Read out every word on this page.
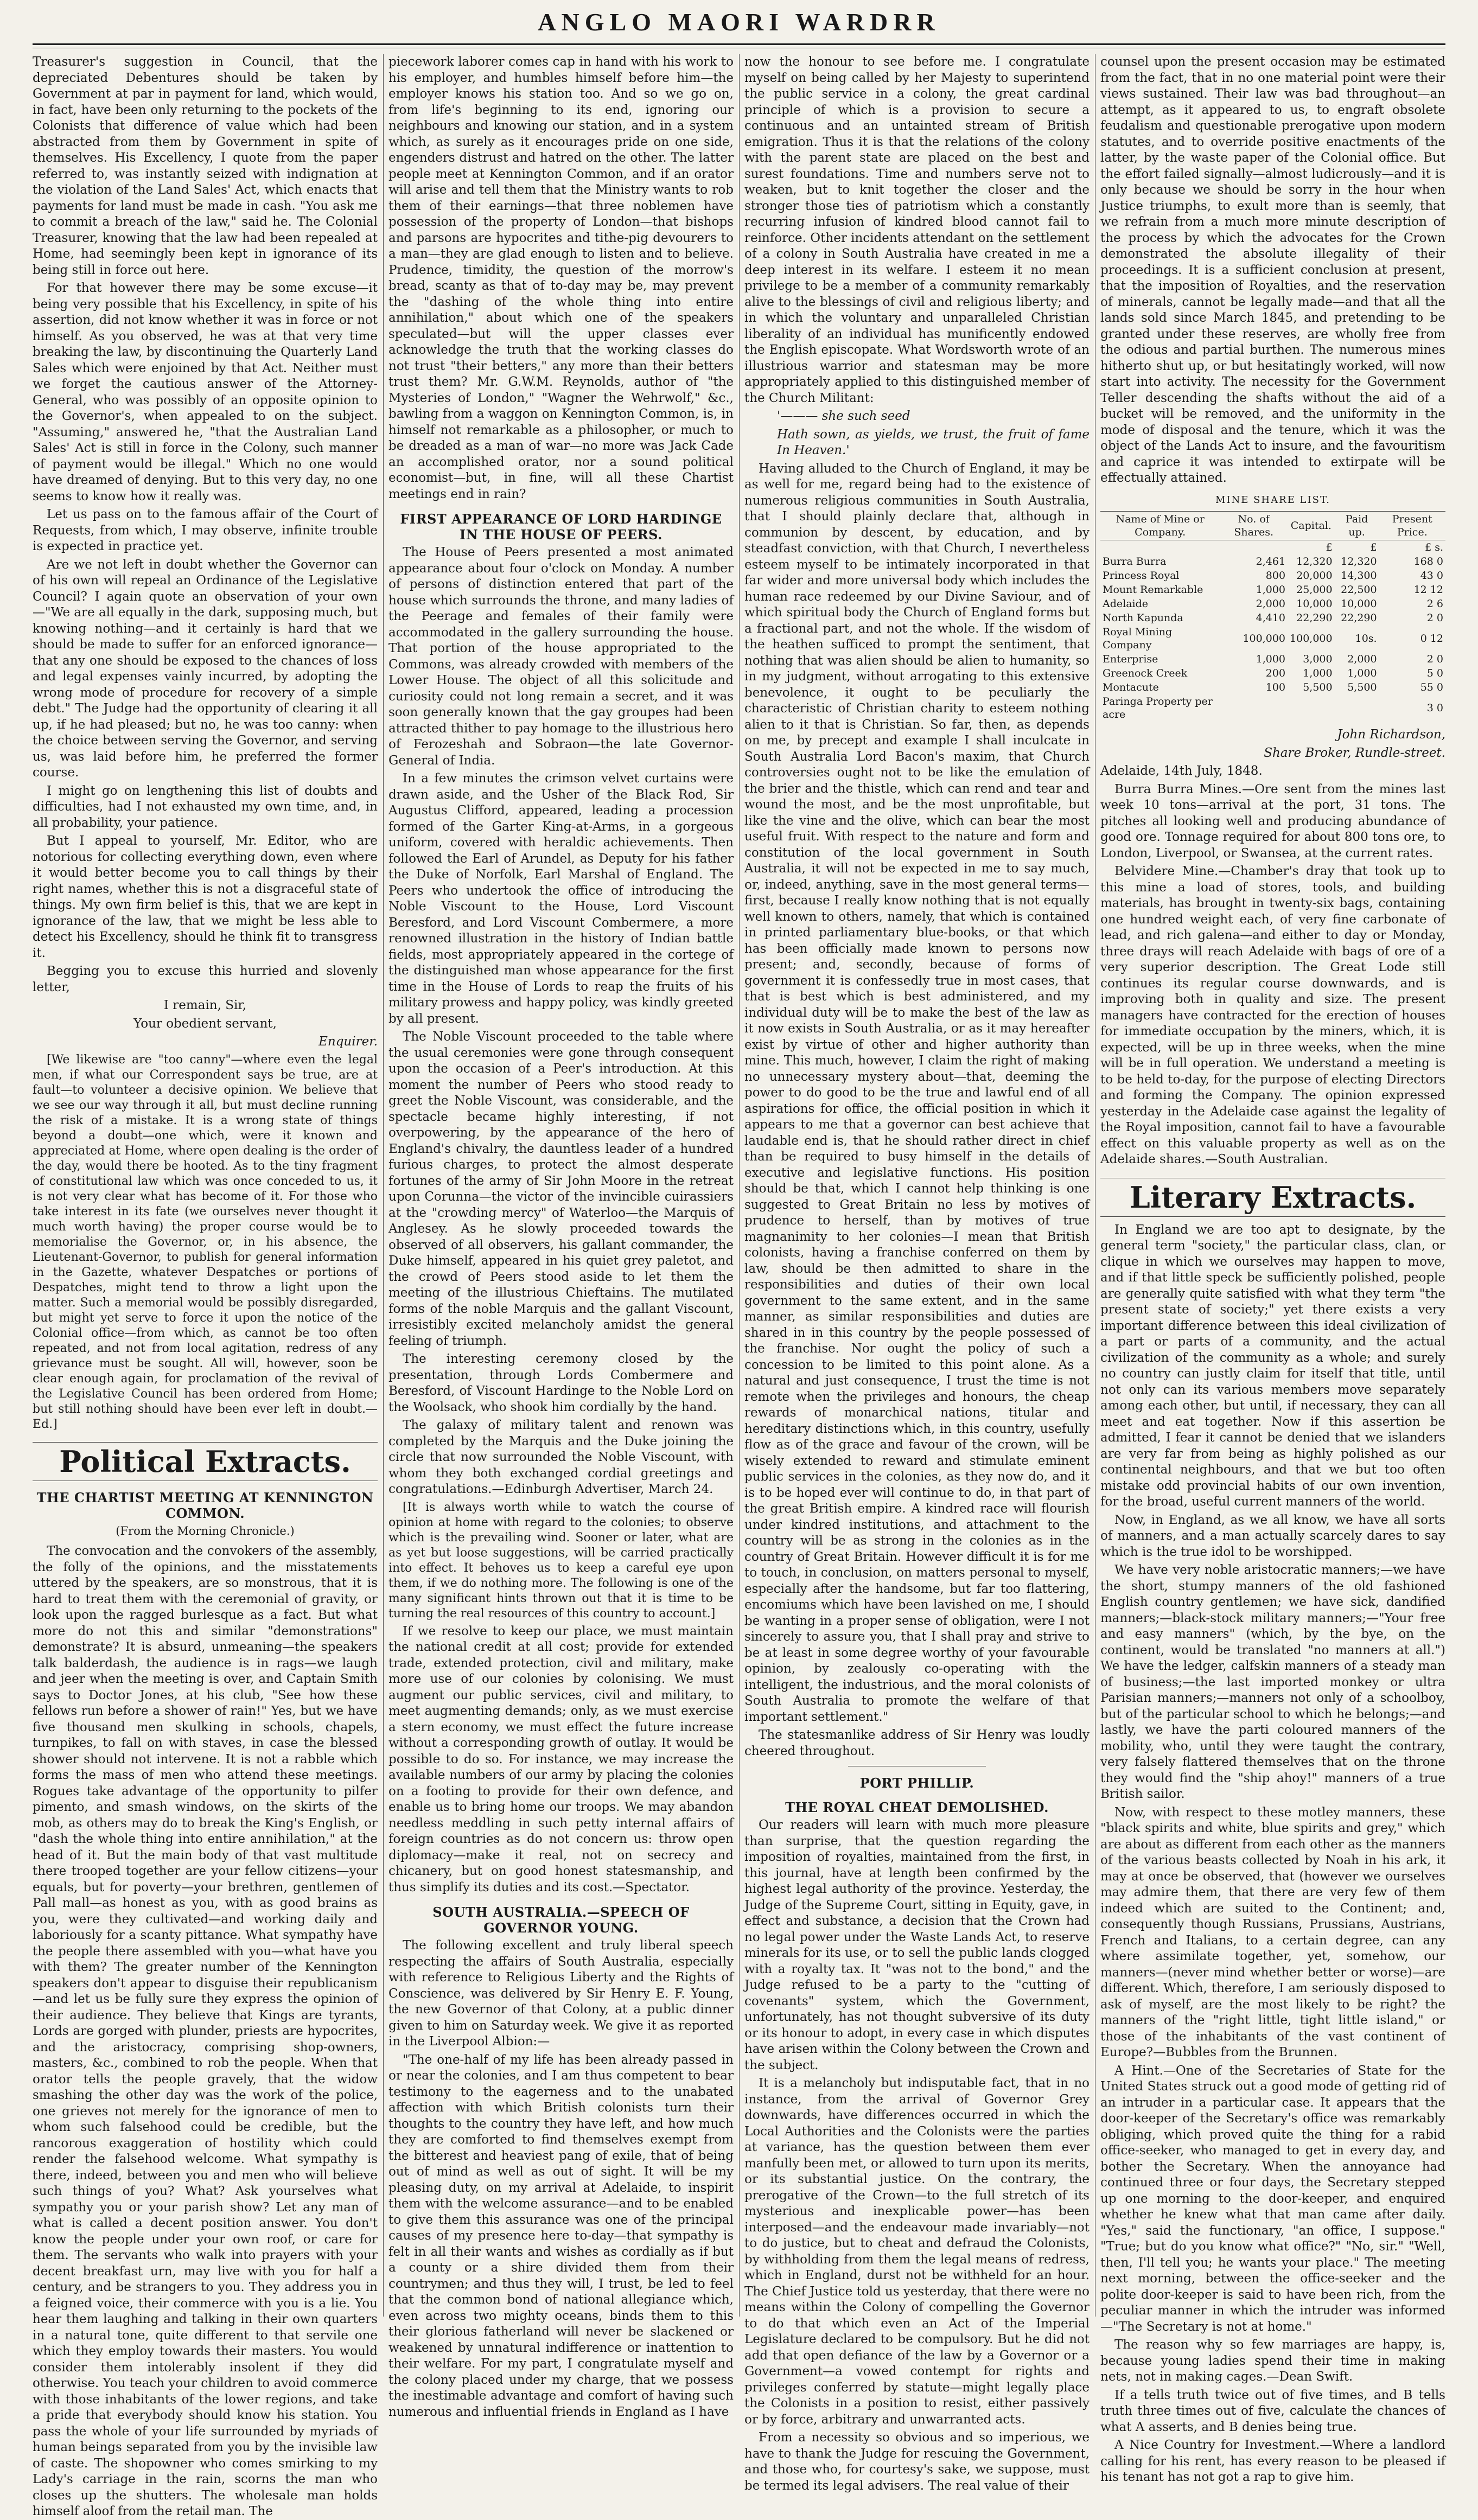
ANGLO MAORI WARDRR

Treasurer's suggestion in Council, that the depreciated Debentures should be taken by Government at par in payment for land, which would, in fact, have been only returning to the pockets of the Colonists that difference of value which had been abstracted from them by Government in spite of themselves. His Excellency, I quote from the paper referred to, was instantly seized with indignation at the violation of the Land Sales' Act, which enacts that payments for land must be made in cash. "You ask me to commit a breach of the law," said he. The Colonial Treasurer, knowing that the law had been repealed at Home, had seemingly been kept in ignorance of its being still in force out here.

For that however there may be some excuse—it being very possible that his Excellency, in spite of his assertion, did not know whether it was in force or not himself. As you observed, he was at that very time breaking the law, by discontinuing the Quarterly Land Sales which were enjoined by that Act. Neither must we forget the cautious answer of the Attorney-General, who was possibly of an opposite opinion to the Governor's, when appealed to on the subject. "Assuming," answered he, "that the Australian Land Sales' Act is still in force in the Colony, such manner of payment would be illegal." Which no one would have dreamed of denying. But to this very day, no one seems to know how it really was.

Let us pass on to the famous affair of the Court of Requests, from which, I may observe, infinite trouble is expected in practice yet.

Are we not left in doubt whether the Governor can of his own will repeal an Ordinance of the Legislative Council? I again quote an observation of your own—"We are all equally in the dark, supposing much, but knowing nothing—and it certainly is hard that we should be made to suffer for an enforced ignorance—that any one should be exposed to the chances of loss and legal expenses vainly incurred, by adopting the wrong mode of procedure for recovery of a simple debt." The Judge had the opportunity of clearing it all up, if he had pleased; but no, he was too canny: when the choice between serving the Governor, and serving us, was laid before him, he preferred the former course.

I might go on lengthening this list of doubts and difficulties, had I not exhausted my own time, and, in all probability, your patience.

But I appeal to yourself, Mr. Editor, who are notorious for collecting everything down, even where it would better become you to call things by their right names, whether this is not a disgraceful state of things. My own firm belief is this, that we are kept in ignorance of the law, that we might be less able to detect his Excellency, should he think fit to transgress it.

Begging you to excuse this hurried and slovenly letter,

I remain, Sir,

Your obedient servant,

Enquirer.

[We likewise are "too canny"—where even the legal men, if what our Correspondent says be true, are at fault—to volunteer a decisive opinion. We believe that we see our way through it all, but must decline running the risk of a mistake. It is a wrong state of things beyond a doubt—one which, were it known and appreciated at Home, where open dealing is the order of the day, would there be hooted. As to the tiny fragment of constitutional law which was once conceded to us, it is not very clear what has become of it. For those who take interest in its fate (we ourselves never thought it much worth having) the proper course would be to memorialise the Governor, or, in his absence, the Lieutenant-Governor, to publish for general information in the Gazette, whatever Despatches or portions of Despatches, might tend to throw a light upon the matter. Such a memorial would be possibly disregarded, but might yet serve to force it upon the notice of the Colonial office—from which, as cannot be too often repeated, and not from local agitation, redress of any grievance must be sought. All will, however, soon be clear enough again, for proclamation of the revival of the Legislative Council has been ordered from Home; but still nothing should have been ever left in doubt.—Ed.]

Political Extracts.
THE CHARTIST MEETING AT KENNINGTON COMMON.
(From the Morning Chronicle.)

The convocation and the convokers of the assembly, the folly of the opinions, and the misstatements uttered by the speakers, are so monstrous, that it is hard to treat them with the ceremonial of gravity, or look upon the ragged burlesque as a fact. But what more do not this and similar "demonstrations" demonstrate? It is absurd, unmeaning—the speakers talk balderdash, the audience is in rags—we laugh and jeer when the meeting is over, and Captain Smith says to Doctor Jones, at his club, "See how these fellows run before a shower of rain!" Yes, but we have five thousand men skulking in schools, chapels, turnpikes, to fall on with staves, in case the blessed shower should not intervene. It is not a rabble which forms the mass of men who attend these meetings. Rogues take advantage of the opportunity to pilfer pimento, and smash windows, on the skirts of the mob, as others may do to break the King's English, or "dash the whole thing into entire annihilation," at the head of it. But the main body of that vast multitude there trooped together are your fellow citizens—your equals, but for poverty—your brethren, gentlemen of Pall mall—as honest as you, with as good brains as you, were they cultivated—and working daily and laboriously for a scanty pittance. What sympathy have the people there assembled with you—what have you with them? The greater number of the Kennington speakers don't appear to disguise their republicanism—and let us be fully sure they express the opinion of their audience. They believe that Kings are tyrants, Lords are gorged with plunder, priests are hypocrites, and the aristocracy, comprising shop-owners, masters, &c., combined to rob the people. When that orator tells the people gravely, that the widow smashing the other day was the work of the police, one grieves not merely for the ignorance of men to whom such falsehood could be credible, but the rancorous exaggeration of hostility which could render the falsehood welcome. What sympathy is there, indeed, between you and men who will believe such things of you? What? Ask yourselves what sympathy you or your parish show? Let any man of what is called a decent position answer. You don't know the people under your own roof, or care for them. The servants who walk into prayers with your decent breakfast urn, may live with you for half a century, and be strangers to you. They address you in a feigned voice, their commerce with you is a lie. You hear them laughing and talking in their own quarters in a natural tone, quite different to that servile one which they employ towards their masters. You would consider them intolerably insolent if they did otherwise. You teach your children to avoid commerce with those inhabitants of the lower regions, and take a pride that everybody should know his station. You pass the whole of your life surrounded by myriads of human beings separated from you by the invisible law of caste. The shopowner who comes smirking to my Lady's carriage in the rain, scorns the man who closes up the shutters. The wholesale man holds himself aloof from the retail man. The

piecework laborer comes cap in hand with his work to his employer, and humbles himself before him—the employer knows his station too. And so we go on, from life's beginning to its end, ignoring our neighbours and knowing our station, and in a system which, as surely as it encourages pride on one side, engenders distrust and hatred on the other. The latter people meet at Kennington Common, and if an orator will arise and tell them that the Ministry wants to rob them of their earnings—that three noblemen have possession of the property of London—that bishops and parsons are hypocrites and tithe-pig devourers to a man—they are glad enough to listen and to believe. Prudence, timidity, the question of the morrow's bread, scanty as that of to-day may be, may prevent the "dashing of the whole thing into entire annihilation," about which one of the speakers speculated—but will the upper classes ever acknowledge the truth that the working classes do not trust "their betters," any more than their betters trust them? Mr. G.W.M. Reynolds, author of "the Mysteries of London," "Wagner the Wehrwolf," &c., bawling from a waggon on Kennington Common, is, in himself not remarkable as a philosopher, or much to be dreaded as a man of war—no more was Jack Cade an accomplished orator, nor a sound political economist—but, in fine, will all these Chartist meetings end in rain?

FIRST APPEARANCE OF LORD HARDINGE IN THE HOUSE OF PEERS.

The House of Peers presented a most animated appearance about four o'clock on Monday. A number of persons of distinction entered that part of the house which surrounds the throne, and many ladies of the Peerage and females of their family were accommodated in the gallery surrounding the house. That portion of the house appropriated to the Commons, was already crowded with members of the Lower House. The object of all this solicitude and curiosity could not long remain a secret, and it was soon generally known that the gay groupes had been attracted thither to pay homage to the illustrious hero of Ferozeshah and Sobraon—the late Governor-General of India.

In a few minutes the crimson velvet curtains were drawn aside, and the Usher of the Black Rod, Sir Augustus Clifford, appeared, leading a procession formed of the Garter King-at-Arms, in a gorgeous uniform, covered with heraldic achievements. Then followed the Earl of Arundel, as Deputy for his father the Duke of Norfolk, Earl Marshal of England. The Peers who undertook the office of introducing the Noble Viscount to the House, Lord Viscount Beresford, and Lord Viscount Combermere, a more renowned illustration in the history of Indian battle fields, most appropriately appeared in the cortege of the distinguished man whose appearance for the first time in the House of Lords to reap the fruits of his military prowess and happy policy, was kindly greeted by all present.

The Noble Viscount proceeded to the table where the usual ceremonies were gone through consequent upon the occasion of a Peer's introduction. At this moment the number of Peers who stood ready to greet the Noble Viscount, was considerable, and the spectacle became highly interesting, if not overpowering, by the appearance of the hero of England's chivalry, the dauntless leader of a hundred furious charges, to protect the almost desperate fortunes of the army of Sir John Moore in the retreat upon Corunna—the victor of the invincible cuirassiers at the "crowding mercy" of Waterloo—the Marquis of Anglesey. As he slowly proceeded towards the observed of all observers, his gallant commander, the Duke himself, appeared in his quiet grey paletot, and the crowd of Peers stood aside to let them the meeting of the illustrious Chieftains. The mutilated forms of the noble Marquis and the gallant Viscount, irresistibly excited melancholy amidst the general feeling of triumph.

The interesting ceremony closed by the presentation, through Lords Combermere and Beresford, of Viscount Hardinge to the Noble Lord on the Woolsack, who shook him cordially by the hand.

The galaxy of military talent and renown was completed by the Marquis and the Duke joining the circle that now surrounded the Noble Viscount, with whom they both exchanged cordial greetings and congratulations.—Edinburgh Advertiser, March 24.

[It is always worth while to watch the course of opinion at home with regard to the colonies; to observe which is the prevailing wind. Sooner or later, what are as yet but loose suggestions, will be carried practically into effect. It behoves us to keep a careful eye upon them, if we do nothing more. The following is one of the many significant hints thrown out that it is time to be turning the real resources of this country to account.]

If we resolve to keep our place, we must maintain the national credit at all cost; provide for extended trade, extended protection, civil and military, make more use of our colonies by colonising. We must augment our public services, civil and military, to meet augmenting demands; only, as we must exercise a stern economy, we must effect the future increase without a corresponding growth of outlay. It would be possible to do so. For instance, we may increase the available numbers of our army by placing the colonies on a footing to provide for their own defence, and enable us to bring home our troops. We may abandon needless meddling in such petty internal affairs of foreign countries as do not concern us: throw open diplomacy—make it real, not on secrecy and chicanery, but on good honest statesmanship, and thus simplify its duties and its cost.—Spectator.

SOUTH AUSTRALIA.—SPEECH OF GOVERNOR YOUNG.

The following excellent and truly liberal speech respecting the affairs of South Australia, especially with reference to Religious Liberty and the Rights of Conscience, was delivered by Sir Henry E. F. Young, the new Governor of that Colony, at a public dinner given to him on Saturday week. We give it as reported in the Liverpool Albion:—

"The one-half of my life has been already passed in or near the colonies, and I am thus competent to bear testimony to the eagerness and to the unabated affection with which British colonists turn their thoughts to the country they have left, and how much they are comforted to find themselves exempt from the bitterest and heaviest pang of exile, that of being out of mind as well as out of sight. It will be my pleasing duty, on my arrival at Adelaide, to inspirit them with the welcome assurance—and to be enabled to give them this assurance was one of the principal causes of my presence here to-day—that sympathy is felt in all their wants and wishes as cordially as if but a county or a shire divided them from their countrymen; and thus they will, I trust, be led to feel that the common bond of national allegiance which, even across two mighty oceans, binds them to this their glorious fatherland will never be slackened or weakened by unnatural indifference or inattention to their welfare. For my part, I congratulate myself and the colony placed under my charge, that we possess the inestimable advantage and comfort of having such numerous and influential friends in England as I have

now the honour to see before me. I congratulate myself on being called by her Majesty to superintend the public service in a colony, the great cardinal principle of which is a provision to secure a continuous and an untainted stream of British emigration. Thus it is that the relations of the colony with the parent state are placed on the best and surest foundations. Time and numbers serve not to weaken, but to knit together the closer and the stronger those ties of patriotism which a constantly recurring infusion of kindred blood cannot fail to reinforce. Other incidents attendant on the settlement of a colony in South Australia have created in me a deep interest in its welfare. I esteem it no mean privilege to be a member of a community remarkably alive to the blessings of civil and religious liberty; and in which the voluntary and unparalleled Christian liberality of an individual has munificently endowed the English episcopate. What Wordsworth wrote of an illustrious warrior and statesman may be more appropriately applied to this distinguished member of the Church Militant:

'——— she such seed

Hath sown, as yields, we trust, the fruit of fame In Heaven.'

Having alluded to the Church of England, it may be as well for me, regard being had to the existence of numerous religious communities in South Australia, that I should plainly declare that, although in communion by descent, by education, and by steadfast conviction, with that Church, I nevertheless esteem myself to be intimately incorporated in that far wider and more universal body which includes the human race redeemed by our Divine Saviour, and of which spiritual body the Church of England forms but a fractional part, and not the whole. If the wisdom of the heathen sufficed to prompt the sentiment, that nothing that was alien should be alien to humanity, so in my judgment, without arrogating to this extensive benevolence, it ought to be peculiarly the characteristic of Christian charity to esteem nothing alien to it that is Christian. So far, then, as depends on me, by precept and example I shall inculcate in South Australia Lord Bacon's maxim, that Church controversies ought not to be like the emulation of the brier and the thistle, which can rend and tear and wound the most, and be the most unprofitable, but like the vine and the olive, which can bear the most useful fruit. With respect to the nature and form and constitution of the local government in South Australia, it will not be expected in me to say much, or, indeed, anything, save in the most general terms—first, because I really know nothing that is not equally well known to others, namely, that which is contained in printed parliamentary blue-books, or that which has been officially made known to persons now present; and, secondly, because of forms of government it is confessedly true in most cases, that that is best which is best administered, and my individual duty will be to make the best of the law as it now exists in South Australia, or as it may hereafter exist by virtue of other and higher authority than mine. This much, however, I claim the right of making no unnecessary mystery about—that, deeming the power to do good to be the true and lawful end of all aspirations for office, the official position in which it appears to me that a governor can best achieve that laudable end is, that he should rather direct in chief than be required to busy himself in the details of executive and legislative functions. His position should be that, which I cannot help thinking is one suggested to Great Britain no less by motives of prudence to herself, than by motives of true magnanimity to her colonies—I mean that British colonists, having a franchise conferred on them by law, should be then admitted to share in the responsibilities and duties of their own local government to the same extent, and in the same manner, as similar responsibilities and duties are shared in in this country by the people possessed of the franchise. Nor ought the policy of such a concession to be limited to this point alone. As a natural and just consequence, I trust the time is not remote when the privileges and honours, the cheap rewards of monarchical nations, titular and hereditary distinctions which, in this country, usefully flow as of the grace and favour of the crown, will be wisely extended to reward and stimulate eminent public services in the colonies, as they now do, and it is to be hoped ever will continue to do, in that part of the great British empire. A kindred race will flourish under kindred institutions, and attachment to the country will be as strong in the colonies as in the country of Great Britain. However difficult it is for me to touch, in conclusion, on matters personal to myself, especially after the handsome, but far too flattering, encomiums which have been lavished on me, I should be wanting in a proper sense of obligation, were I not sincerely to assure you, that I shall pray and strive to be at least in some degree worthy of your favourable opinion, by zealously co-operating with the intelligent, the industrious, and the moral colonists of South Australia to promote the welfare of that important settlement."

The statesmanlike address of Sir Henry was loudly cheered throughout.

PORT PHILLIP.
THE ROYAL CHEAT DEMOLISHED.

Our readers will learn with much more pleasure than surprise, that the question regarding the imposition of royalties, maintained from the first, in this journal, have at length been confirmed by the highest legal authority of the province. Yesterday, the Judge of the Supreme Court, sitting in Equity, gave, in effect and substance, a decision that the Crown had no legal power under the Waste Lands Act, to reserve minerals for its use, or to sell the public lands clogged with a royalty tax. It "was not to the bond," and the Judge refused to be a party to the "cutting of covenants" system, which the Government, unfortunately, has not thought subversive of its duty or its honour to adopt, in every case in which disputes have arisen within the Colony between the Crown and the subject.

It is a melancholy but indisputable fact, that in no instance, from the arrival of Governor Grey downwards, have differences occurred in which the Local Authorities and the Colonists were the parties at variance, has the question between them ever manfully been met, or allowed to turn upon its merits, or its substantial justice. On the contrary, the prerogative of the Crown—to the full stretch of its mysterious and inexplicable power—has been interposed—and the endeavour made invariably—not to do justice, but to cheat and defraud the Colonists, by withholding from them the legal means of redress, which in England, durst not be withheld for an hour. The Chief Justice told us yesterday, that there were no means within the Colony of compelling the Governor to do that which even an Act of the Imperial Legislature declared to be compulsory. But he did not add that open defiance of the law by a Governor or a Government—a vowed contempt for rights and privileges conferred by statute—might legally place the Colonists in a position to resist, either passively or by force, arbitrary and unwarranted acts.

From a necessity so obvious and so imperious, we have to thank the Judge for rescuing the Government, and those who, for courtesy's sake, we suppose, must be termed its legal advisers. The real value of their

counsel upon the present occasion may be estimated from the fact, that in no one material point were their views sustained. Their law was bad throughout—an attempt, as it appeared to us, to engraft obsolete feudalism and questionable prerogative upon modern statutes, and to override positive enactments of the latter, by the waste paper of the Colonial office. But the effort failed signally—almost ludicrously—and it is only because we should be sorry in the hour when Justice triumphs, to exult more than is seemly, that we refrain from a much more minute description of the process by which the advocates for the Crown demonstrated the absolute illegality of their proceedings. It is a sufficient conclusion at present, that the imposition of Royalties, and the reservation of minerals, cannot be legally made—and that all the lands sold since March 1845, and pretending to be granted under these reserves, are wholly free from the odious and partial burthen. The numerous mines hitherto shut up, or but hesitatingly worked, will now start into activity. The necessity for the Government Teller descending the shafts without the aid of a bucket will be removed, and the uniformity in the mode of disposal and the tenure, which it was the object of the Lands Act to insure, and the favouritism and caprice it was intended to extirpate will be effectually attained.

MINE SHARE LIST.
Name of Mine or Company.	No. of Shares.	Capital.	Paid up.	Present Price.
		£	£	£ s.
Burra Burra	2,461	12,320	12,320	168 0
Princess Royal	800	20,000	14,300	43 0
Mount Remarkable	1,000	25,000	22,500	12 12
Adelaide	2,000	10,000	10,000	2 6
North Kapunda	4,410	22,290	22,290	2 0
Royal Mining Company	100,000	100,000	10s.	0 12
Enterprise	1,000	3,000	2,000	2 0
Greenock Creek	200	1,000	1,000	5 0
Montacute	100	5,500	5,500	55 0
Paringa Property per acre				3 0

John Richardson,

Share Broker, Rundle-street.

Adelaide, 14th July, 1848.

Burra Burra Mines.—Ore sent from the mines last week 10 tons—arrival at the port, 31 tons. The pitches all looking well and producing abundance of good ore. Tonnage required for about 800 tons ore, to London, Liverpool, or Swansea, at the current rates.

Belvidere Mine.—Chamber's dray that took up to this mine a load of stores, tools, and building materials, has brought in twenty-six bags, containing one hundred weight each, of very fine carbonate of lead, and rich galena—and either to day or Monday, three drays will reach Adelaide with bags of ore of a very superior description. The Great Lode still continues its regular course downwards, and is improving both in quality and size. The present managers have contracted for the erection of houses for immediate occupation by the miners, which, it is expected, will be up in three weeks, when the mine will be in full operation. We understand a meeting is to be held to-day, for the purpose of electing Directors and forming the Company. The opinion expressed yesterday in the Adelaide case against the legality of the Royal imposition, cannot fail to have a favourable effect on this valuable property as well as on the Adelaide shares.—South Australian.

Literary Extracts.

In England we are too apt to designate, by the general term "society," the particular class, clan, or clique in which we ourselves may happen to move, and if that little speck be sufficiently polished, people are generally quite satisfied with what they term "the present state of society;" yet there exists a very important difference between this ideal civilization of a part or parts of a community, and the actual civilization of the community as a whole; and surely no country can justly claim for itself that title, until not only can its various members move separately among each other, but until, if necessary, they can all meet and eat together. Now if this assertion be admitted, I fear it cannot be denied that we islanders are very far from being as highly polished as our continental neighbours, and that we but too often mistake odd provincial habits of our own invention, for the broad, useful current manners of the world.

Now, in England, as we all know, we have all sorts of manners, and a man actually scarcely dares to say which is the true idol to be worshipped.

We have very noble aristocratic manners;—we have the short, stumpy manners of the old fashioned English country gentlemen; we have sick, dandified manners;—black-stock military manners;—"Your free and easy manners" (which, by the bye, on the continent, would be translated "no manners at all.") We have the ledger, calfskin manners of a steady man of business;—the last imported monkey or ultra Parisian manners;—manners not only of a schoolboy, but of the particular school to which he belongs;—and lastly, we have the parti coloured manners of the mobility, who, until they were taught the contrary, very falsely flattered themselves that on the throne they would find the "ship ahoy!" manners of a true British sailor.

Now, with respect to these motley manners, these "black spirits and white, blue spirits and grey," which are about as different from each other as the manners of the various beasts collected by Noah in his ark, it may at once be observed, that (however we ourselves may admire them, that there are very few of them indeed which are suited to the Continent; and, consequently though Russians, Prussians, Austrians, French and Italians, to a certain degree, can any where assimilate together, yet, somehow, our manners—(never mind whether better or worse)—are different. Which, therefore, I am seriously disposed to ask of myself, are the most likely to be right? the manners of the "right little, tight little island," or those of the inhabitants of the vast continent of Europe?—Bubbles from the Brunnen.

A Hint.—One of the Secretaries of State for the United States struck out a good mode of getting rid of an intruder in a particular case. It appears that the door-keeper of the Secretary's office was remarkably obliging, which proved quite the thing for a rabid office-seeker, who managed to get in every day, and bother the Secretary. When the annoyance had continued three or four days, the Secretary stepped up one morning to the door-keeper, and enquired whether he knew what that man came after daily. "Yes," said the functionary, "an office, I suppose." "True; but do you know what office?" "No, sir." "Well, then, I'll tell you; he wants your place." The meeting next morning, between the office-seeker and the polite door-keeper is said to have been rich, from the peculiar manner in which the intruder was informed—"The Secretary is not at home."

The reason why so few marriages are happy, is, because young ladies spend their time in making nets, not in making cages.—Dean Swift.

If a tells truth twice out of five times, and B tells truth three times out of five, calculate the chances of what A asserts, and B denies being true.

A Nice Country for Investment.—Where a landlord calling for his rent, has every reason to be pleased if his tenant has not got a rap to give him.
